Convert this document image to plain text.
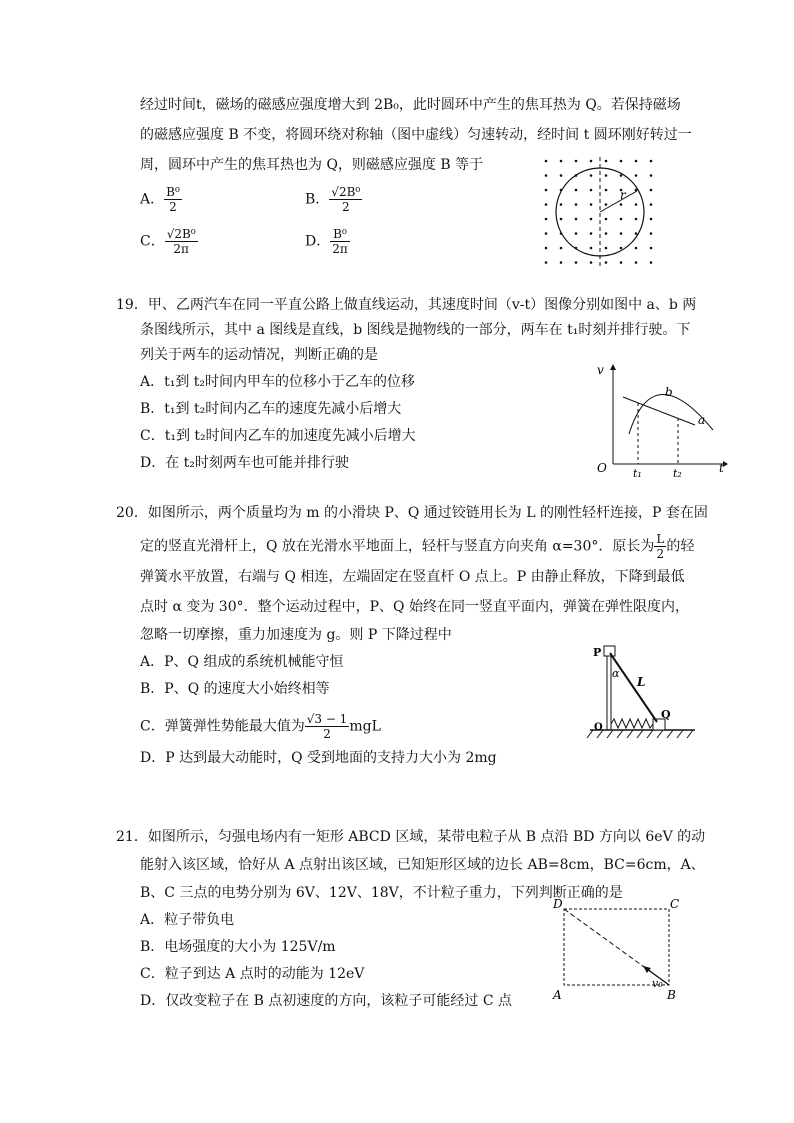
经过时间t，磁场的磁感应强度增大到 2B₀，此时圆环中产生的焦耳热为 Q。若保持磁场
的磁感应强度 B 不变，将圆环绕对称轴（图中虚线）匀速转动，经时间 t 圆环刚好转过一
周，圆环中产生的焦耳热也为 Q，则磁感应强度 B 等于
A． $\frac{\text{B⁰}}{2}$	B． $\frac{\text{√2B⁰}}{2}$
C． $\frac{\text{√2B⁰}}{2\pi}$	D． $\frac{\text{B⁰}}{2\pi}$
r
19．甲、乙两汽车在同一平直公路上做直线运动，其速度时间（v-t）图像分别如图中 a、b 两
条图线所示，其中 a 图线是直线，b 图线是抛物线的一部分，两车在 t₁时刻并排行驶。下
列关于两车的运动情况，判断正确的是
A．t₁到 t₂时间内甲车的位移小于乙车的位移
B．t₁到 t₂时间内乙车的速度先减小后增大
C．t₁到 t₂时间内乙车的加速度先减小后增大
D．在 t₂时刻两车也可能并排行驶
v
t
O
a
b
t₁	t₂
20．如图所示，两个质量均为 m 的小滑块 P、Q 通过铰链用长为 L 的刚性轻杆连接，P 套在固
定的竖直光滑杆上，Q 放在光滑水平地面上，轻杆与竖直方向夹角 α=30°．原长为 $\frac{L}{2}$ 的轻
弹簧水平放置，右端与 Q 相连，左端固定在竖直杆 O 点上。P 由静止释放，下降到最低
点时 α 变为 30°．整个运动过程中，P、Q 始终在同一竖直平面内，弹簧在弹性限度内，
忽略一切摩擦，重力加速度为 g。则 P 下降过程中
A．P、Q 组成的系统机械能守恒
B．P、Q 的速度大小始终相等
C．弹簧弹性势能最大值为 $\frac{√3 - 1}{2}$ mgL
D．P 达到最大动能时，Q 受到地面的支持力大小为 2mg
P
Q
O
L
α
21．如图所示，匀强电场内有一矩形 ABCD 区域，某带电粒子从 B 点沿 BD 方向以 6eV 的动
能射入该区域，恰好从 A 点射出该区域，已知矩形区域的边长 AB=8cm，BC=6cm，A、
B、C 三点的电势分别为 6V、12V、18V，不计粒子重力，下列判断正确的是
A．粒子带负电
B．电场强度的大小为 125V/m
C．粒子到达 A 点时的动能为 12eV
D．仅改变粒子在 B 点初速度的方向，该粒子可能经过 C 点
D	C
A	B
v₀
